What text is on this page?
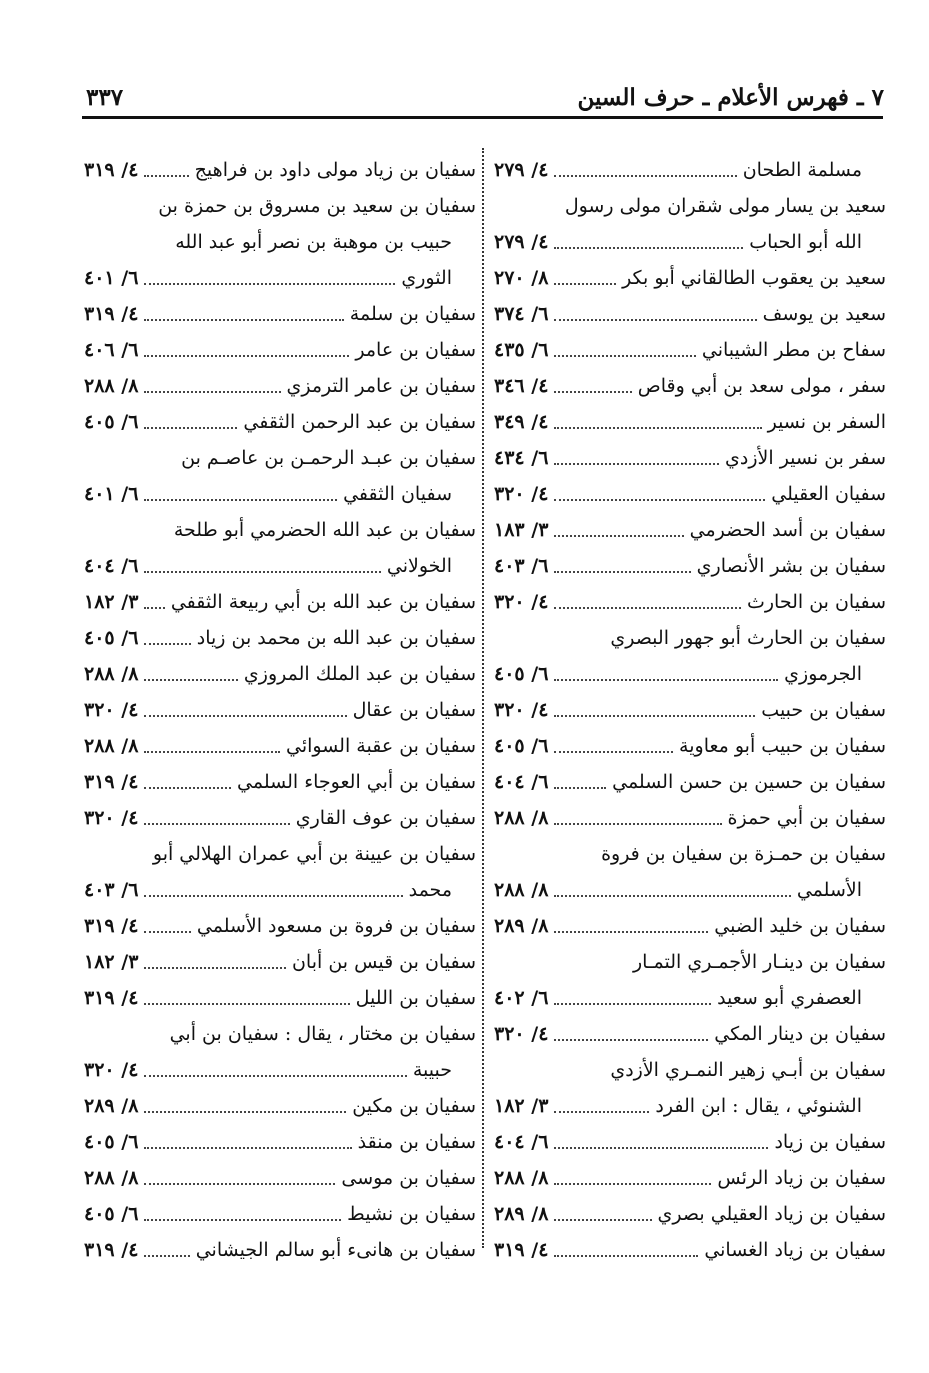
٧ ـ فهرس الأعلام ـ حرف السين
٣٣٧
مسلمة الطحان
٤/ ٢٧٩
سعيد بن يسار مولى شقران مولى رسول
الله أبو الحباب
٤/ ٢٧٩
سعيد بن يعقوب الطالقاني أبو بكر
٨/ ٢٧٠
سعيد بن يوسف
٦/ ٣٧٤
سفاح بن مطر الشيباني
٦/ ٤٣٥
سفر ، مولى سعد بن أبي وقاص
٤/ ٣٤٦
السفر بن نسير
٤/ ٣٤٩
سفر بن نسير الأزدي
٦/ ٤٣٤
سفيان العقيلي
٤/ ٣٢٠
سفيان بن أسد الحضرمي
٣/ ١٨٣
سفيان بن بشر الأنصاري
٦/ ٤٠٣
سفيان بن الحارث
٤/ ٣٢٠
سفيان بن الحارث أبو جهور البصري
الجرموزي
٦/ ٤٠٥
سفيان بن حبيب
٤/ ٣٢٠
سفيان بن حبيب أبو معاوية
٦/ ٤٠٥
سفيان بن حسين بن حسن السلمي
٦/ ٤٠٤
سفيان بن أبي حمزة
٨/ ٢٨٨
سفيان بن حمـزة بن سفيان بن فروة
الأسلمي
٨/ ٢٨٨
سفيان بن خليد الضبي
٨/ ٢٨٩
سفيان بن دينـار الأجمـري التمـار
العصفري أبو سعيد
٦/ ٤٠٢
سفيان بن دينار المكي
٤/ ٣٢٠
سفيان بن أبـي زهير النمـري الأزدي
الشنوئي ، يقال : ابن الفرد
٣/ ١٨٢
سفيان بن زياد
٦/ ٤٠٤
سفيان بن زياد الرئس
٨/ ٢٨٨
سفيان بن زياد العقيلي بصري
٨/ ٢٨٩
سفيان بن زياد الغساني
٤/ ٣١٩
سفيان بن زياد مولى داود بن فراهيج
٤/ ٣١٩
سفيان بن سعيد بن مسروق بن حمزة بن
حبيب بن موهبة بن نصر أبو عبد الله
الثوري
٦/ ٤٠١
سفيان بن سلمة
٤/ ٣١٩
سفيان بن عامر
٦/ ٤٠٦
سفيان بن عامر الترمزي
٨/ ٢٨٨
سفيان بن عبد الرحمن الثقفي
٦/ ٤٠٥
سفيان بن عبـد الرحمـن بن عاصـم بن
سفيان الثقفي
٦/ ٤٠١
سفيان بن عبد الله الحضرمي أبو طلحة
الخولاني
٦/ ٤٠٤
سفيان بن عبد الله بن أبي ربيعة الثقفي
٣/ ١٨٢
سفيان بن عبد الله بن محمد بن زياد
٦/ ٤٠٥
سفيان بن عبد الملك المروزي
٨/ ٢٨٨
سفيان بن عقال
٤/ ٣٢٠
سفيان بن عقبة السوائي
٨/ ٢٨٨
سفيان بن أبي العوجاء السلمي
٤/ ٣١٩
سفيان بن عوف القاري
٤/ ٣٢٠
سفيان بن عيينة بن أبي عمران الهلالي أبو
محمد
٦/ ٤٠٣
سفيان بن فروة بن مسعود الأسلمي
٤/ ٣١٩
سفيان بن قيس بن أبان
٣/ ١٨٢
سفيان بن الليل
٤/ ٣١٩
سفيان بن مختار ، يقال : سفيان بن أبي
حبيبة
٤/ ٣٢٠
سفيان بن مكين
٨/ ٢٨٩
سفيان بن منقذ
٦/ ٤٠٥
سفيان بن موسى
٨/ ٢٨٨
سفيان بن نشيط
٦/ ٤٠٥
سفيان بن هانىء أبو سالم الجيشاني
٤/ ٣١٩
